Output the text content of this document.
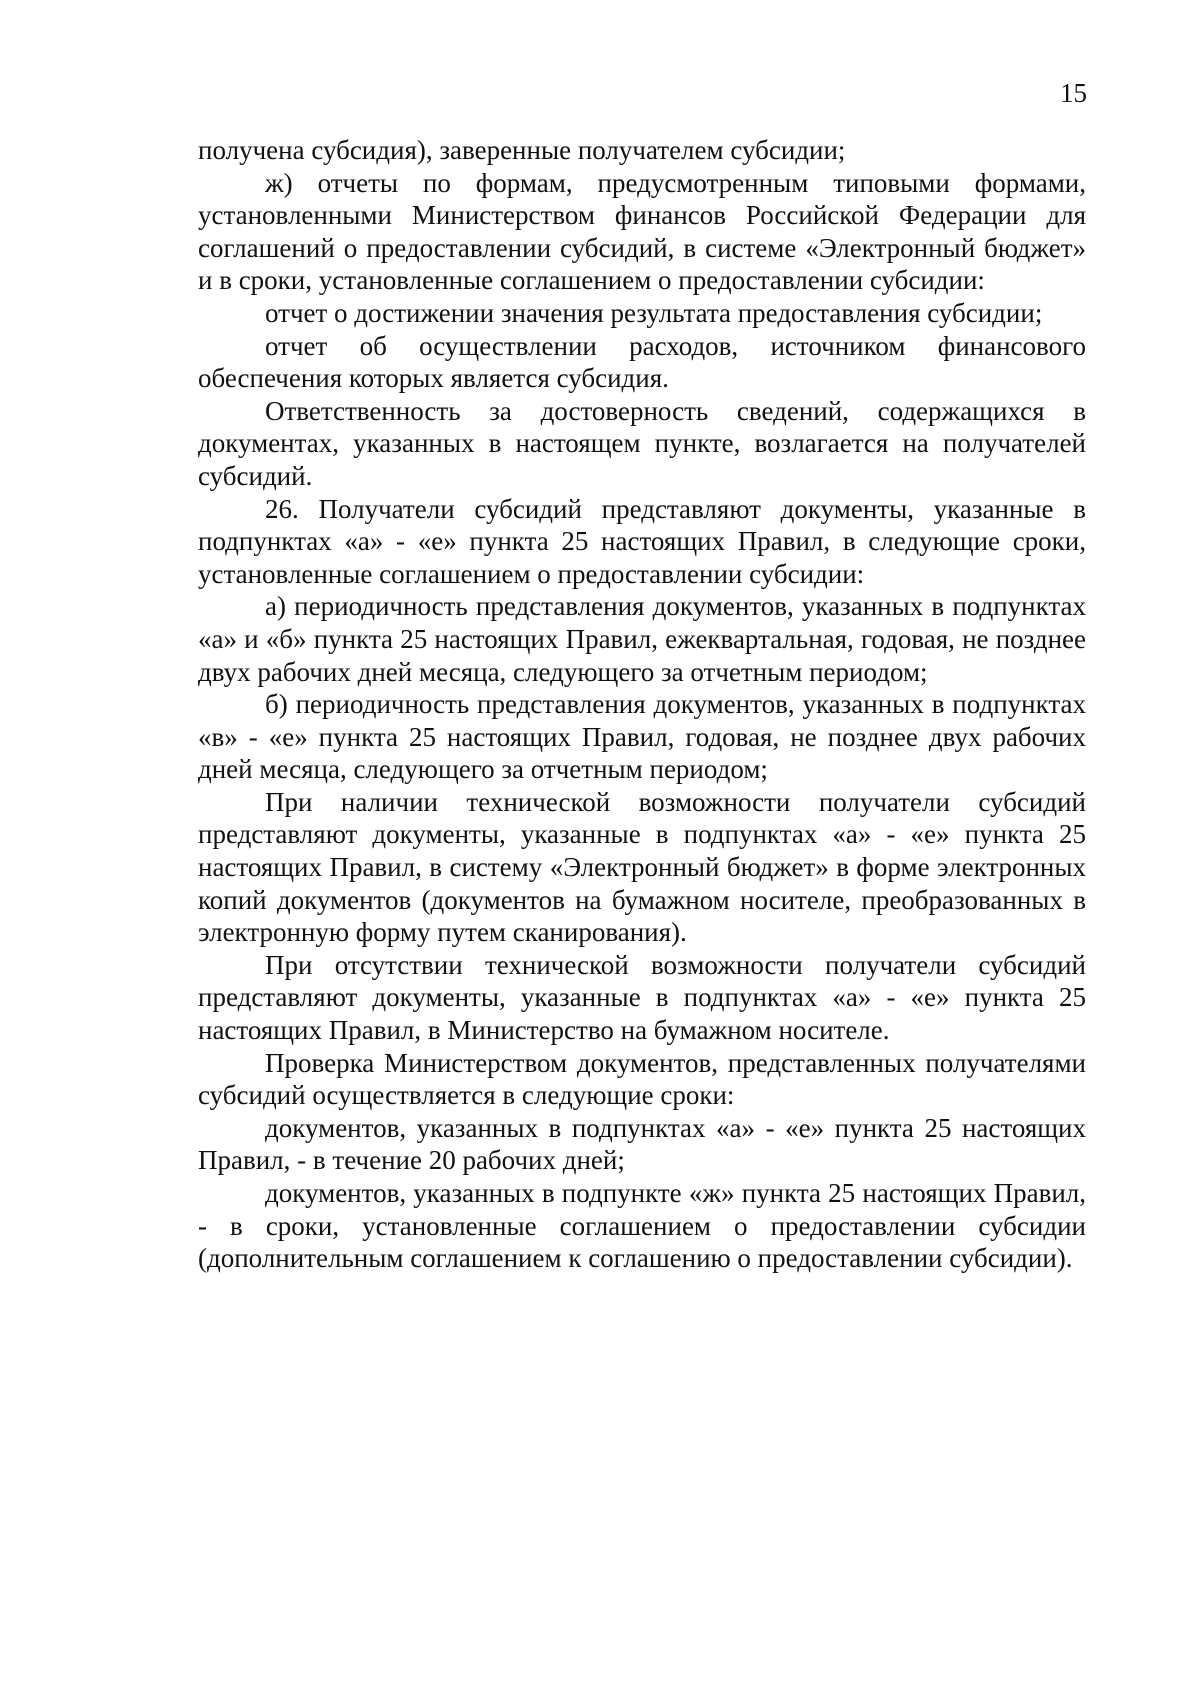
15

получена субсидия), заверенные получателем субсидии;

ж) отчеты по формам, предусмотренным типовыми формами, установленными Министерством финансов Российской Федерации для соглашений о предоставлении субсидий, в системе «Электронный бюджет» и в сроки, установленные соглашением о предоставлении субсидии:

отчет о достижении значения результата предоставления субсидии;

отчет об осуществлении расходов, источником финансового обеспечения которых является субсидия.

Ответственность за достоверность сведений, содержащихся в документах, указанных в настоящем пункте, возлагается на получателей субсидий.

26. Получатели субсидий представляют документы, указанные в подпунктах «а» - «е» пункта 25 настоящих Правил, в следующие сроки, установленные соглашением о предоставлении субсидии:

а) периодичность представления документов, указанных в подпунктах «а» и «б» пункта 25 настоящих Правил, ежеквартальная, годовая, не позднее двух рабочих дней месяца, следующего за отчетным периодом;

б) периодичность представления документов, указанных в подпунктах «в» - «е» пункта 25 настоящих Правил, годовая, не позднее двух рабочих дней месяца, следующего за отчетным периодом;

При наличии технической возможности получатели субсидий представляют документы, указанные в подпунктах «а» - «е» пункта 25 настоящих Правил, в систему «Электронный бюджет» в форме электронных копий документов (документов на бумажном носителе, преобразованных в электронную форму путем сканирования).

При отсутствии технической возможности получатели субсидий представляют документы, указанные в подпунктах «а» - «е» пункта 25 настоящих Правил, в Министерство на бумажном носителе.

Проверка Министерством документов, представленных получателями субсидий осуществляется в следующие сроки:

документов, указанных в подпунктах «а» - «е» пункта 25 настоящих Правил, - в течение 20 рабочих дней;

документов, указанных в подпункте «ж» пункта 25 настоящих Правил, - в сроки, установленные соглашением о предоставлении субсидии (дополнительным соглашением к соглашению о предоставлении субсидии).
